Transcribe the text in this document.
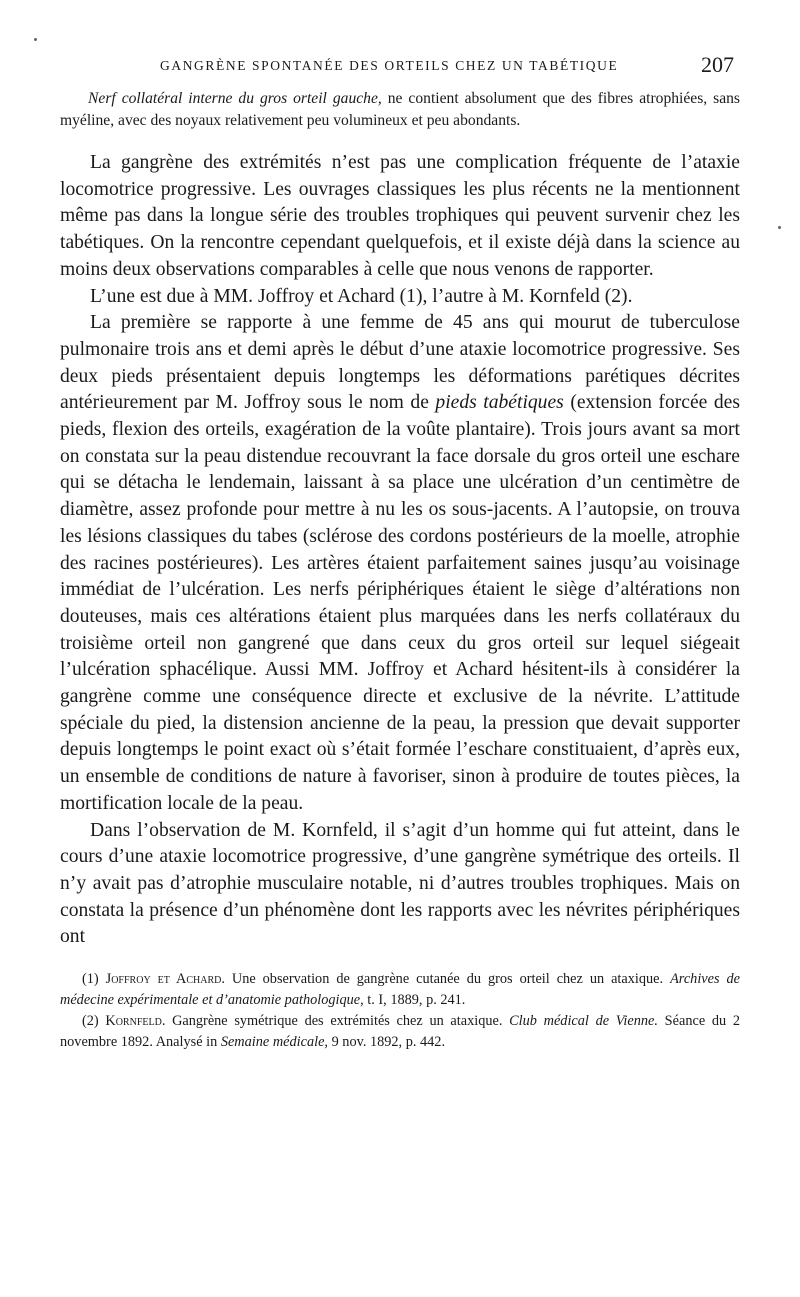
GANGRÈNE SPONTANÉE DES ORTEILS CHEZ UN TABÉTIQUE	207

Nerf collatéral interne du gros orteil gauche, ne contient absolument que des fibres atrophiées, sans myéline, avec des noyaux relativement peu volumineux et peu abondants.

La gangrène des extrémités n’est pas une complication fréquente de l’ataxie locomotrice progressive. Les ouvrages classiques les plus récents ne la mentionnent même pas dans la longue série des troubles trophiques qui peuvent survenir chez les tabétiques. On la rencontre cependant quelquefois, et il existe déjà dans la science au moins deux observations comparables à celle que nous venons de rapporter.

L’une est due à MM. Joffroy et Achard (1), l’autre à M. Kornfeld (2).

La première se rapporte à une femme de 45 ans qui mourut de tuberculose pulmonaire trois ans et demi après le début d’une ataxie locomotrice progressive. Ses deux pieds présentaient depuis longtemps les déformations parétiques décrites antérieurement par M. Joffroy sous le nom de pieds tabétiques (extension forcée des pieds, flexion des orteils, exagération de la voûte plantaire). Trois jours avant sa mort on constata sur la peau distendue recouvrant la face dorsale du gros orteil une eschare qui se détacha le lendemain, laissant à sa place une ulcération d’un centimètre de diamètre, assez profonde pour mettre à nu les os sous-jacents. A l’autopsie, on trouva les lésions classiques du tabes (sclérose des cordons postérieurs de la moelle, atrophie des racines postérieures). Les artères étaient parfaitement saines jusqu’au voisinage immédiat de l’ulcération. Les nerfs périphériques étaient le siège d’altérations non douteuses, mais ces altérations étaient plus marquées dans les nerfs collatéraux du troisième orteil non gangrené que dans ceux du gros orteil sur lequel siégeait l’ulcération sphacélique. Aussi MM. Joffroy et Achard hésitent-ils à considérer la gangrène comme une conséquence directe et exclusive de la névrite. L’attitude spéciale du pied, la distension ancienne de la peau, la pression que devait supporter depuis longtemps le point exact où s’était formée l’eschare constituaient, d’après eux, un ensemble de conditions de nature à favoriser, sinon à produire de toutes pièces, la mortification locale de la peau.

Dans l’observation de M. Kornfeld, il s’agit d’un homme qui fut atteint, dans le cours d’une ataxie locomotrice progressive, d’une gangrène symétrique des orteils. Il n’y avait pas d’atrophie musculaire notable, ni d’autres troubles trophiques. Mais on constata la présence d’un phénomène dont les rapports avec les névrites périphériques ont

(1) Joffroy et Achard. Une observation de gangrène cutanée du gros orteil chez un ataxique. Archives de médecine expérimentale et d’anatomie pathologique, t. I, 1889, p. 241.

(2) Kornfeld. Gangrène symétrique des extrémités chez un ataxique. Club médical de Vienne. Séance du 2 novembre 1892. Analysé in Semaine médicale, 9 nov. 1892, p. 442.
